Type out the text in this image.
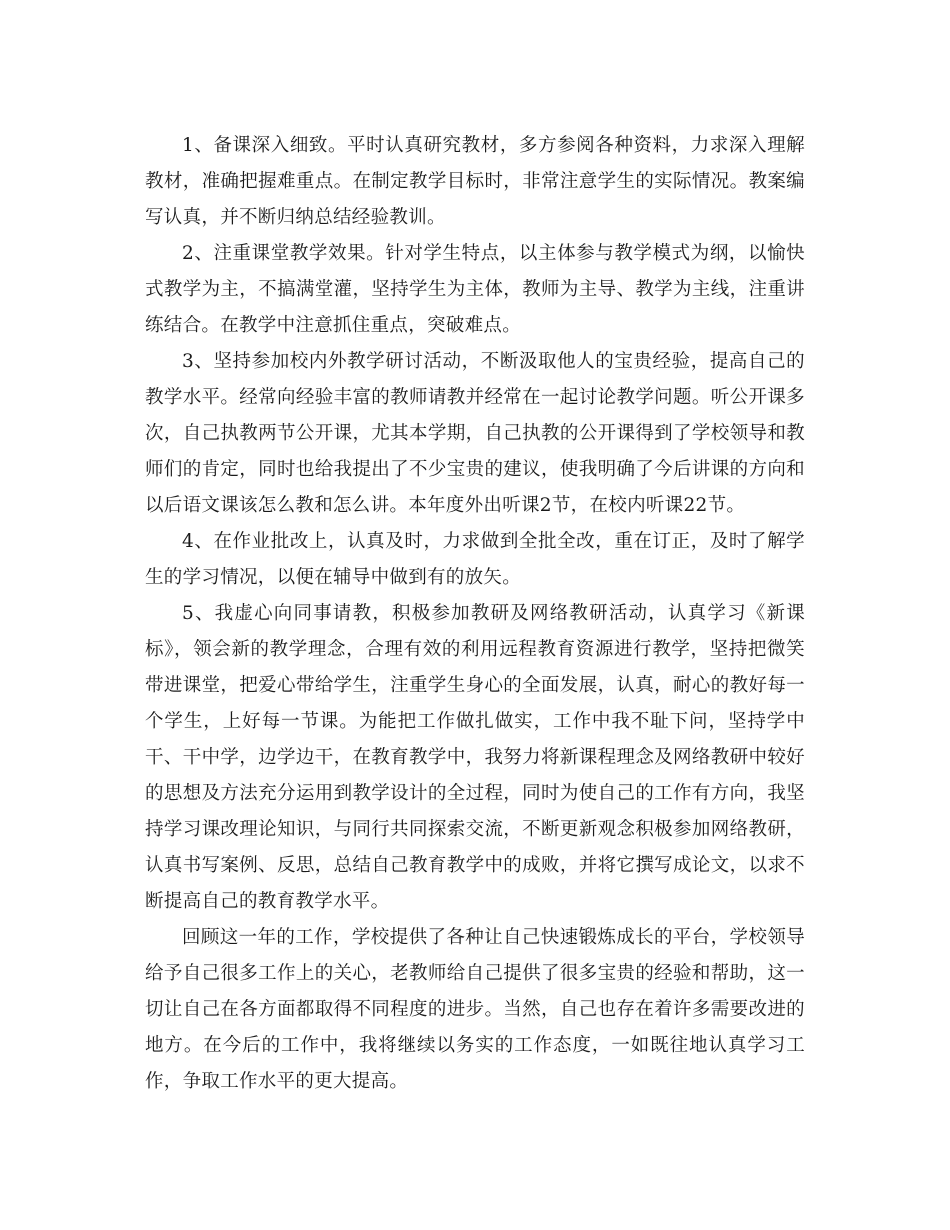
1、备课深入细致。平时认真研究教材，多方参阅各种资料，力求深入理解教材，准确把握难重点。在制定教学目标时，非常注意学生的实际情况。教案编写认真，并不断归纳总结经验教训。

2、注重课堂教学效果。针对学生特点，以主体参与教学模式为纲，以愉快式教学为主，不搞满堂灌，坚持学生为主体，教师为主导、教学为主线，注重讲练结合。在教学中注意抓住重点，突破难点。

3、坚持参加校内外教学研讨活动，不断汲取他人的宝贵经验，提高自己的教学水平。经常向经验丰富的教师请教并经常在一起讨论教学问题。听公开课多次，自己执教两节公开课，尤其本学期，自己执教的公开课得到了学校领导和教师们的肯定，同时也给我提出了不少宝贵的建议，使我明确了今后讲课的方向和以后语文课该怎么教和怎么讲。本年度外出听课2节，在校内听课22节。

4、在作业批改上，认真及时，力求做到全批全改，重在订正，及时了解学生的学习情况，以便在辅导中做到有的放矢。

5、我虚心向同事请教，积极参加教研及网络教研活动，认真学习《新课标》，领会新的教学理念，合理有效的利用远程教育资源进行教学，坚持把微笑带进课堂，把爱心带给学生，注重学生身心的全面发展，认真，耐心的教好每一个学生，上好每一节课。为能把工作做扎做实，工作中我不耻下问，坚持学中干、干中学，边学边干，在教育教学中，我努力将新课程理念及网络教研中较好的思想及方法充分运用到教学设计的全过程，同时为使自己的工作有方向，我坚持学习课改理论知识，与同行共同探索交流，不断更新观念积极参加网络教研，认真书写案例、反思，总结自己教育教学中的成败，并将它撰写成论文，以求不断提高自己的教育教学水平。

回顾这一年的工作，学校提供了各种让自己快速锻炼成长的平台，学校领导给予自己很多工作上的关心，老教师给自己提供了很多宝贵的经验和帮助，这一切让自己在各方面都取得不同程度的进步。当然，自己也存在着许多需要改进的地方。在今后的工作中，我将继续以务实的工作态度，一如既往地认真学习工作，争取工作水平的更大提高。
